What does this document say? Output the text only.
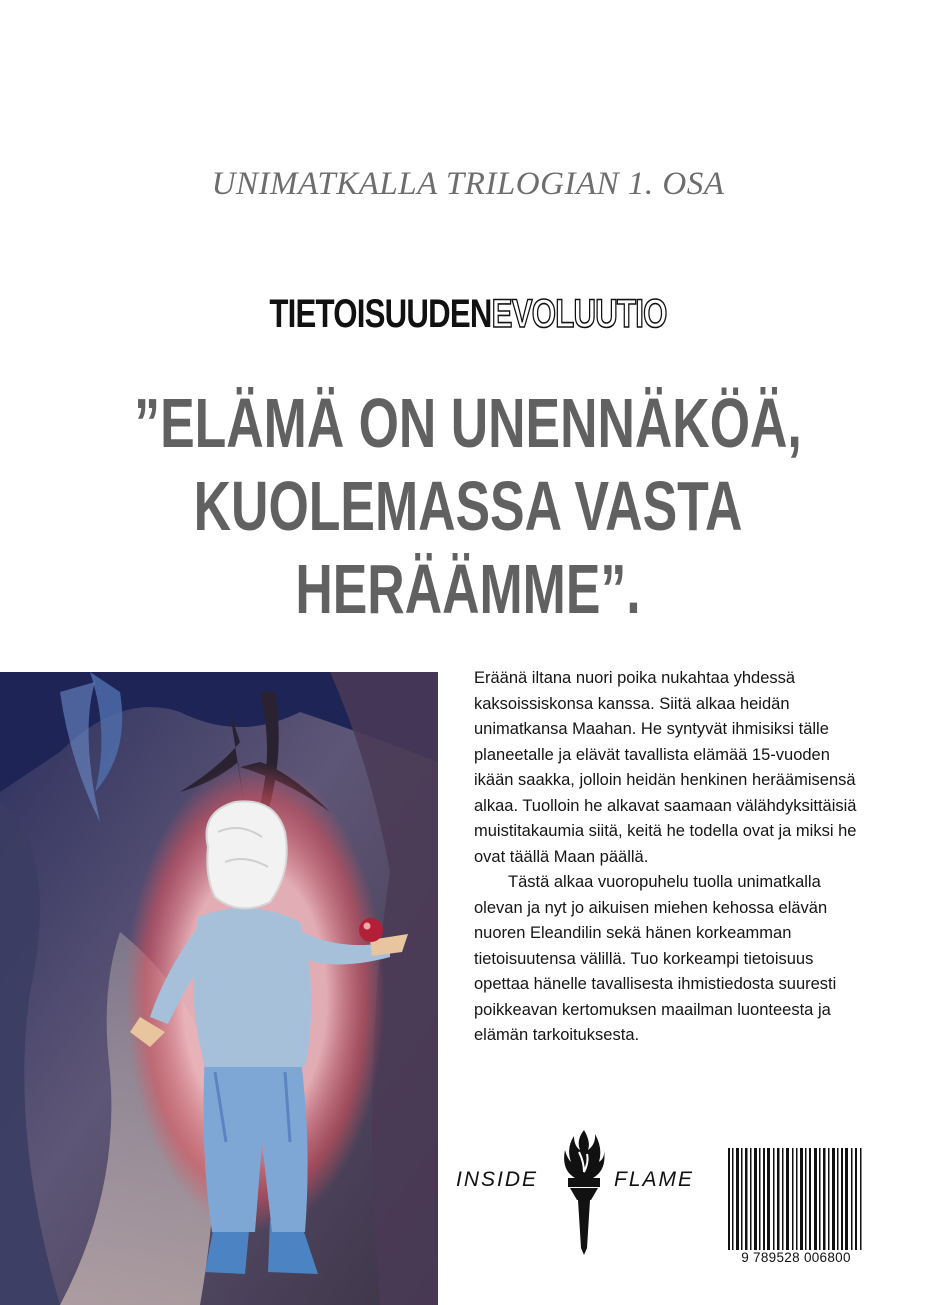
UNIMATKALLA TRILOGIAN 1. OSA
TIETOISUUDENEVOLUUTIO
”ELÄMÄ ON UNENNÄKÖÄ,
KUOLEMASSA VASTA
HERÄÄMME”.

Eräänä iltana nuori poika nukahtaa yhdessä kaksoissiskonsa kanssa. Siitä alkaa heidän unimatkansa Maahan. He syntyvät ihmisiksi tälle planeetalle ja elävät tavallista elämää 15-vuoden ikään saakka, jolloin heidän henkinen heräämisensä alkaa. Tuolloin he alkavat saamaan välähdyksittäisiä muistitakaumia siitä, keitä he todella ovat ja miksi he ovat täällä Maan päällä.

Tästä alkaa vuoropuhelu tuolla unimatkalla olevan ja nyt jo aikuisen miehen kehossa elävän nuoren Eleandilin sekä hänen korkeamman tietoisuutensa välillä. Tuo korkeampi tietoisuus opettaa hänelle tavallisesta ihmistiedosta suuresti poikkeavan kertomuksen maailman luonteesta ja elämän tarkoituksesta.

INSIDE	FLAME
9 789528 006800
